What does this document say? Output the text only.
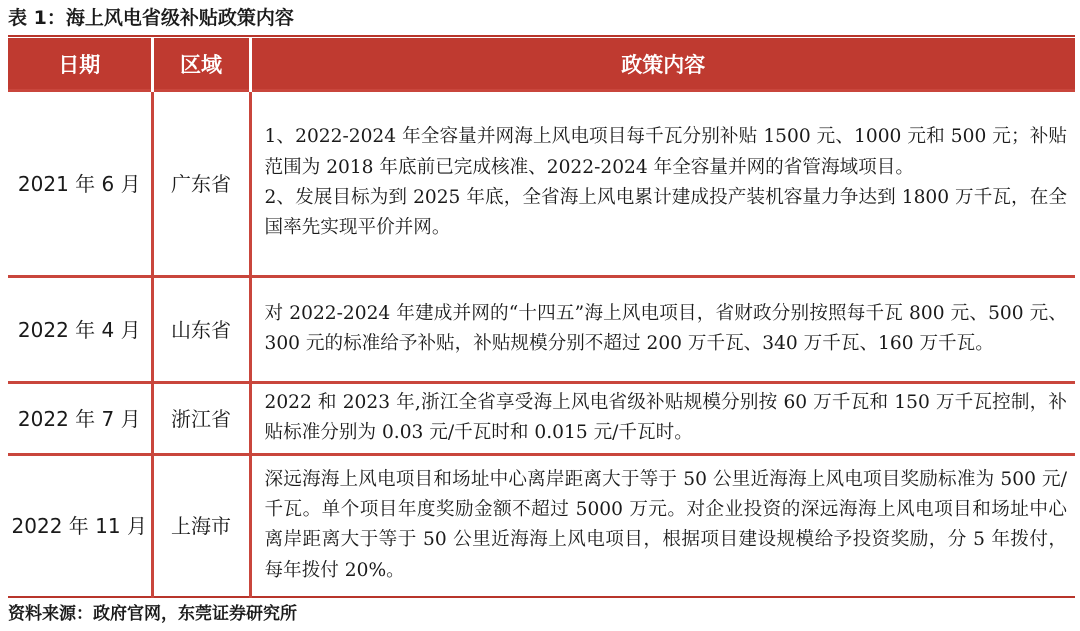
表 1：海上风电省级补贴政策内容
日期	区域	政策内容
2021 年 6 月	广东省	1、2022-2024 年全容量并网海上风电项目每千瓦分别补贴 1500 元、1000 元和 500 元；补贴范围为 2018 年底前已完成核准、2022-2024 年全容量并网的省管海域项目。
2、发展目标为到 2025 年底，全省海上风电累计建成投产装机容量力争达到 1800 万千瓦，在全国率先实现平价并网。

2022 年 4 月	山东省	对 2022-2024 年建成并网的“十四五”海上风电项目，省财政分别按照每千瓦 800 元、500 元、300 元的标准给予补贴，补贴规模分别不超过 200 万千瓦、340 万千瓦、160 万千瓦。

2022 年 7 月	浙江省	2022 和 2023 年,浙江全省享受海上风电省级补贴规模分别按 60 万千瓦和 150 万千瓦控制，补贴标准分别为 0.03 元/千瓦时和 0.015 元/千瓦时。

2022 年 11 月	上海市	深远海海上风电项目和场址中心离岸距离大于等于 50 公里近海海上风电项目奖励标准为 500 元/千瓦。单个项目年度奖励金额不超过 5000 万元。对企业投资的深远海海上风电项目和场址中心离岸距离大于等于 50 公里近海海上风电项目，根据项目建设规模给予投资奖励，分 5 年拨付，每年拨付 20%。
资料来源：政府官网，东莞证券研究所
